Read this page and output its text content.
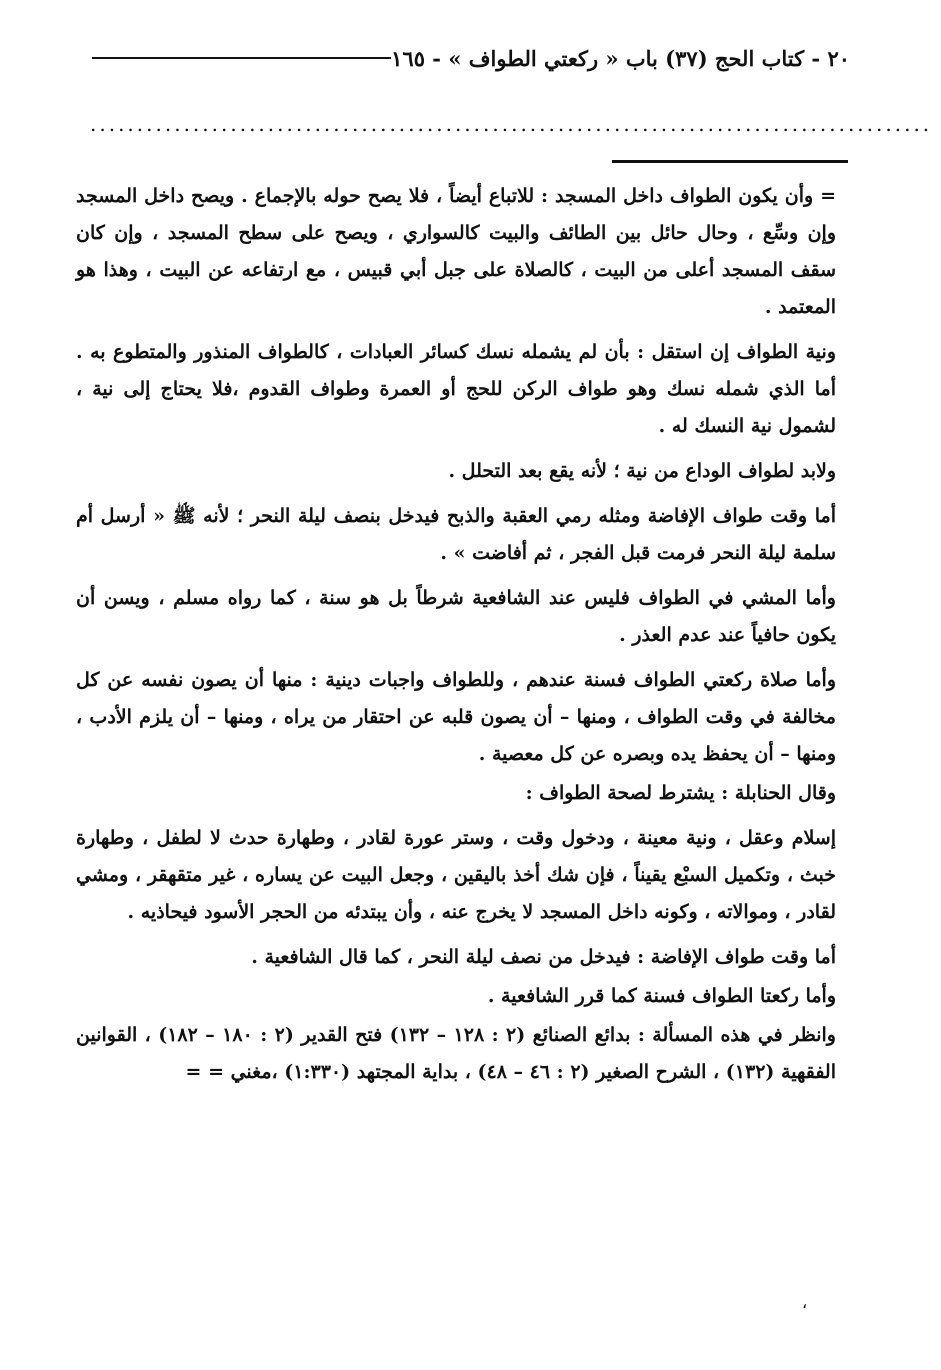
٢٠ - كتاب الحج (٣٧) باب « ركعتي الطواف » - ١٦٥
..........................................................................................

= وأن يكون الطواف داخل المسجد : للاتباع أيضاً ، فلا يصح حوله بالإجماع . ويصح داخل المسجد وإن وسِّع ، وحال حائل بين الطائف والبيت كالسواري ، ويصح على سطح المسجد ، وإن كان سقف المسجد أعلى من البيت ، كالصلاة على جبل أبي قبيس ، مع ارتفاعه عن البيت ، وهذا هو المعتمد .

ونية الطواف إن استقل : بأن لم يشمله نسك كسائر العبادات ، كالطواف المنذور والمتطوع به . أما الذي شمله نسك وهو طواف الركن للحج أو العمرة وطواف القدوم ،فلا يحتاج إلى نية ، لشمول نية النسك له .

ولابد لطواف الوداع من نية ؛ لأنه يقع بعد التحلل .

أما وقت طواف الإفاضة ومثله رمي العقبة والذبح فيدخل بنصف ليلة النحر ؛ لأنه ﷺ « أرسل أم سلمة ليلة النحر فرمت قبل الفجر ، ثم أفاضت » .

وأما المشي في الطواف فليس عند الشافعية شرطاً بل هو سنة ، كما رواه مسلم ، ويسن أن يكون حافياً عند عدم العذر .

وأما صلاة ركعتي الطواف فسنة عندهم ، وللطواف واجبات دينية : منها أن يصون نفسه عن كل مخالفة في وقت الطواف ، ومنها – أن يصون قلبه عن احتقار من يراه ، ومنها – أن يلزم الأدب ، ومنها – أن يحفظ يده وبصره عن كل معصية .

وقال الحنابلة : يشترط لصحة الطواف :

إسلام وعقل ، ونية معينة ، ودخول وقت ، وستر عورة لقادر ، وطهارة حدث لا لطفل ، وطهارة خبث ، وتكميل السبْع يقيناً ، فإن شك أخذ باليقين ، وجعل البيت عن يساره ، غير متقهقر ، ومشي لقادر ، وموالاته ، وكونه داخل المسجد لا يخرج عنه ، وأن يبتدئه من الحجر الأسود فيحاذيه .

أما وقت طواف الإفاضة : فيدخل من نصف ليلة النحر ، كما قال الشافعية .

وأما ركعتا الطواف فسنة كما قرر الشافعية .

وانظر في هذه المسألة : بدائع الصنائع (٢ : ١٢٨ – ١٣٢) فتح القدير (٢ : ١٨٠ – ١٨٢) ، القوانين الفقهية (١٣٢) ، الشرح الصغير (٢ : ٤٦ – ٤٨) ، بداية المجتهد (١:٣٣٠) ،مغني = =

،
